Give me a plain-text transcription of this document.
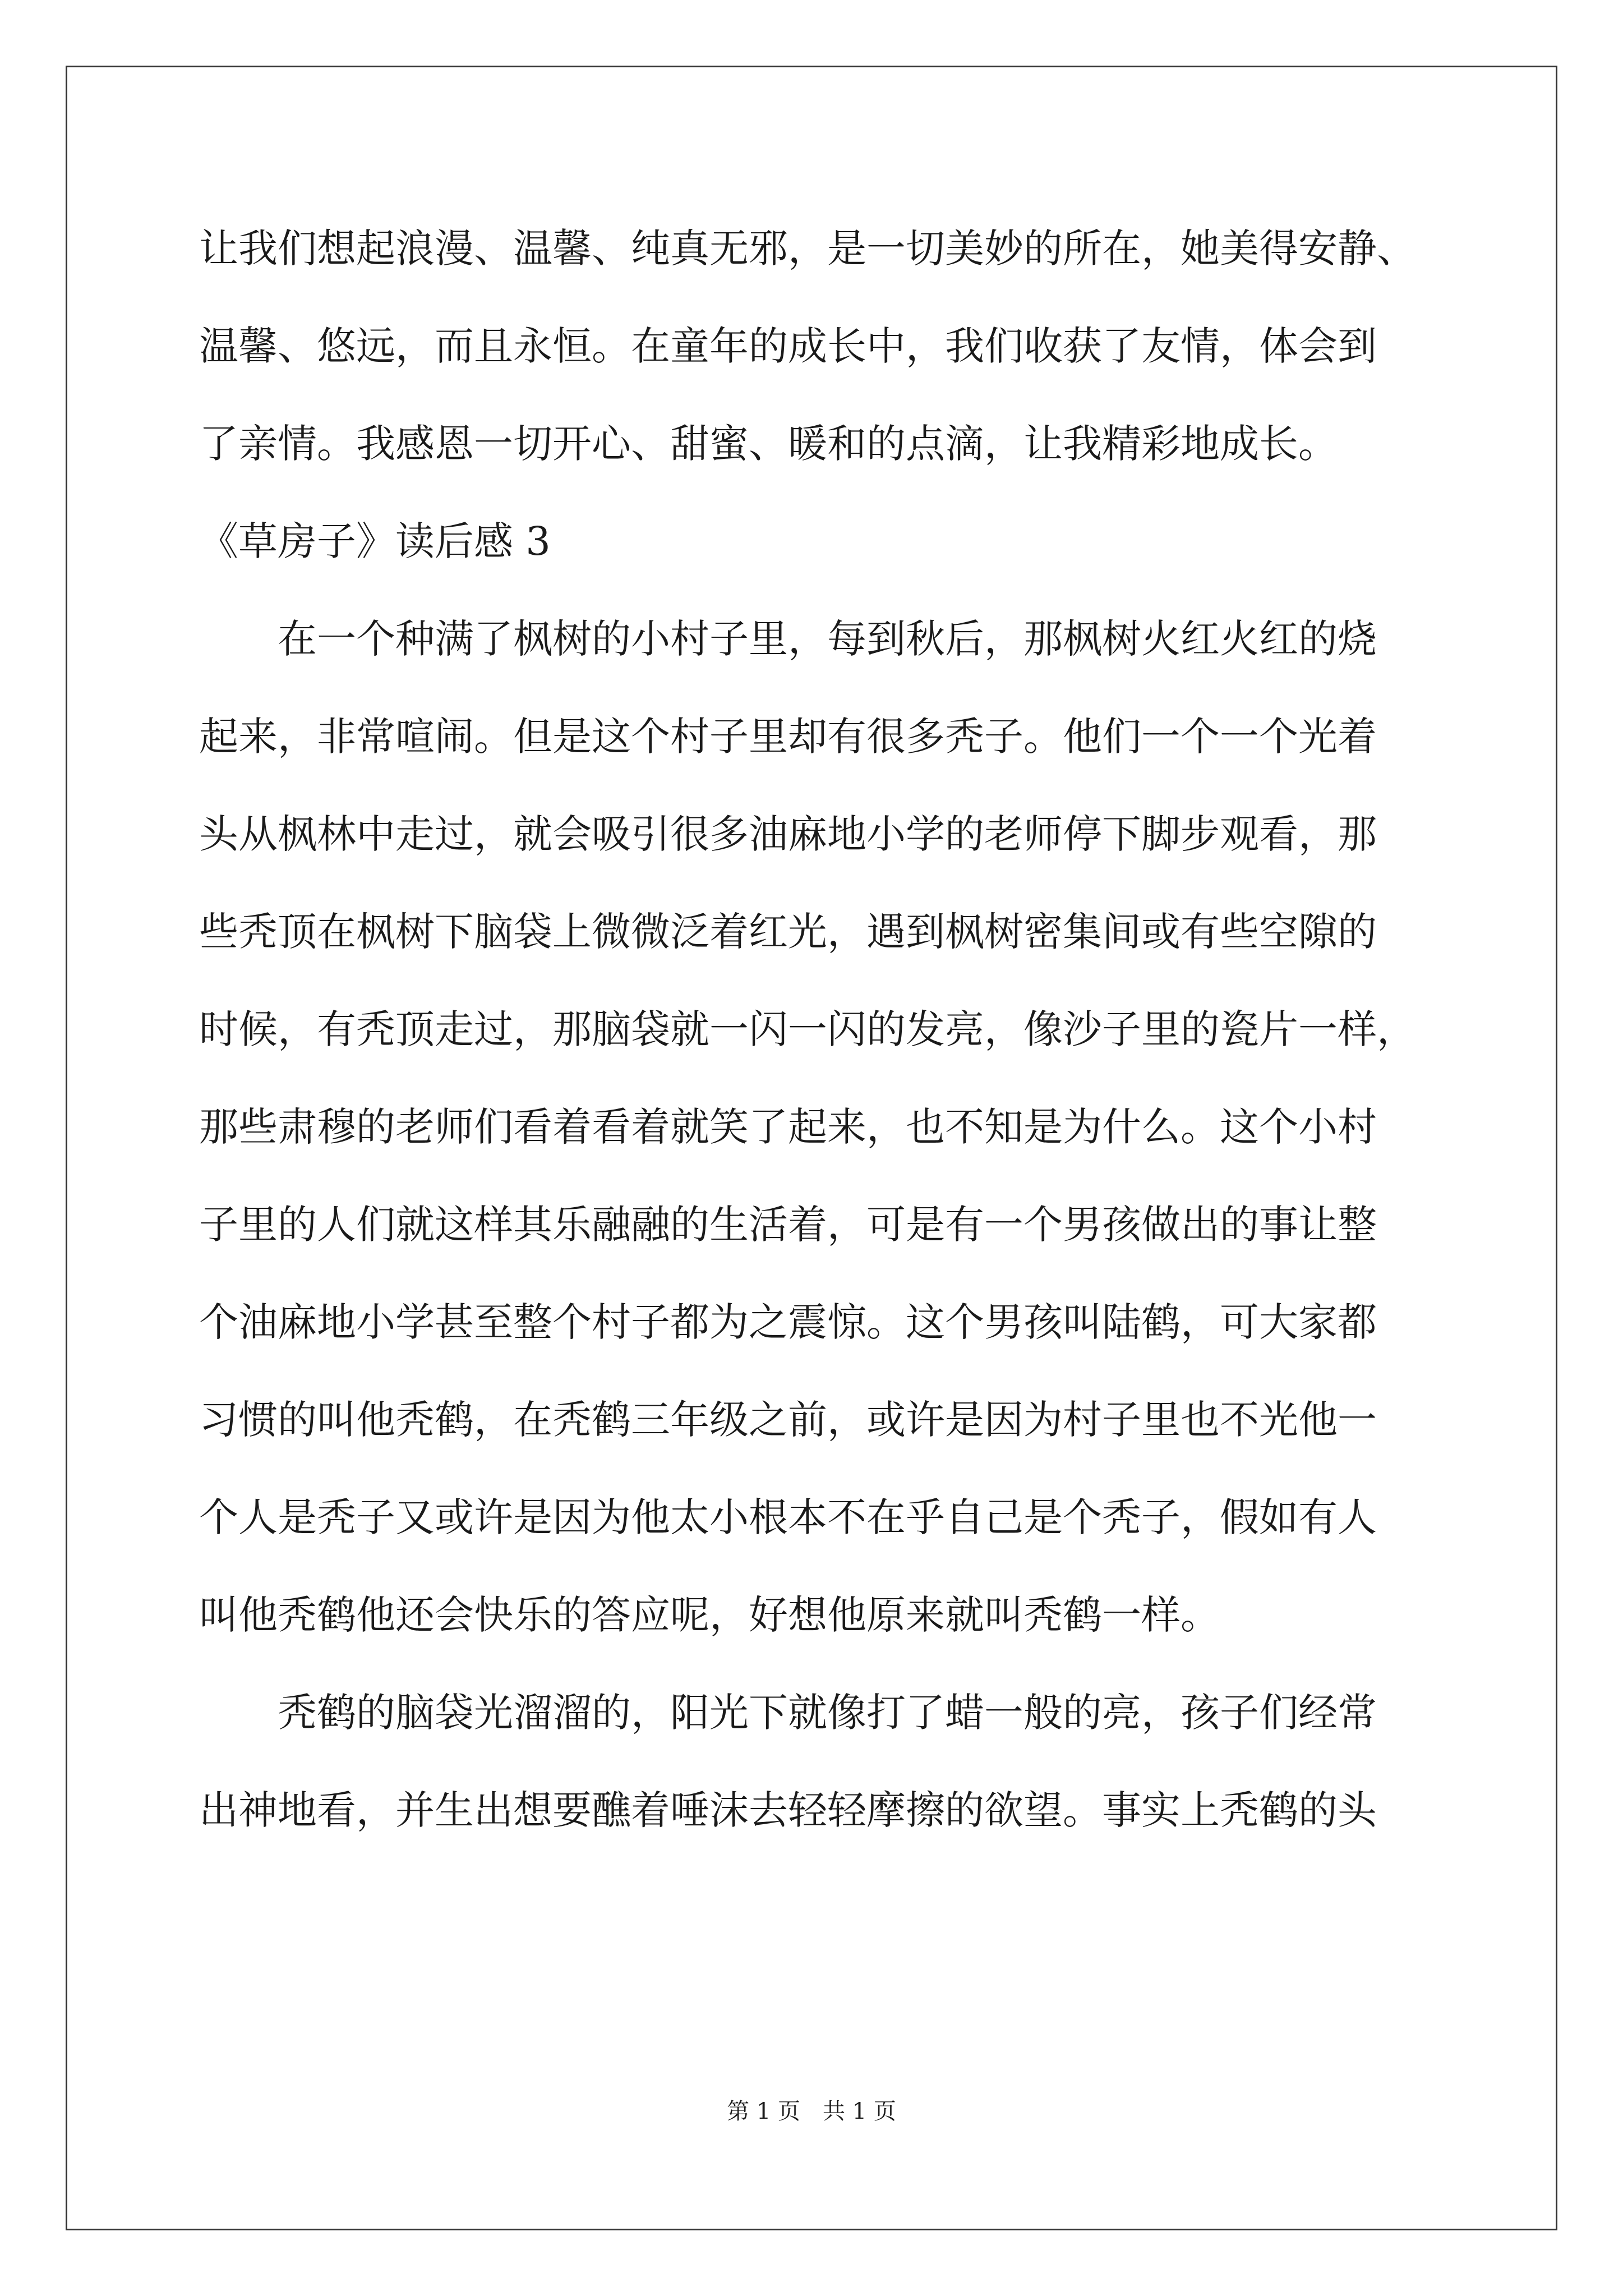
让我们想起浪漫、温馨、纯真无邪，是一切美妙的所在，她美得安静、
温馨、悠远，而且永恒。在童年的成长中，我们收获了友情，体会到
了亲情。我感恩一切开心、甜蜜、暖和的点滴，让我精彩地成长。
《草房子》读后感 3
　　在一个种满了枫树的小村子里，每到秋后，那枫树火红火红的烧
起来，非常喧闹。但是这个村子里却有很多秃子。他们一个一个光着
头从枫林中走过，就会吸引很多油麻地小学的老师停下脚步观看，那
些秃顶在枫树下脑袋上微微泛着红光，遇到枫树密集间或有些空隙的
时候，有秃顶走过，那脑袋就一闪一闪的发亮，像沙子里的瓷片一样，
那些肃穆的老师们看着看着就笑了起来，也不知是为什么。这个小村
子里的人们就这样其乐融融的生活着，可是有一个男孩做出的事让整
个油麻地小学甚至整个村子都为之震惊。这个男孩叫陆鹤，可大家都
习惯的叫他秃鹤，在秃鹤三年级之前，或许是因为村子里也不光他一
个人是秃子又或许是因为他太小根本不在乎自己是个秃子，假如有人
叫他秃鹤他还会快乐的答应呢，好想他原来就叫秃鹤一样。
　　秃鹤的脑袋光溜溜的，阳光下就像打了蜡一般的亮，孩子们经常
出神地看，并生出想要醮着唾沫去轻轻摩擦的欲望。事实上秃鹤的头
第 1 页　共 1 页
